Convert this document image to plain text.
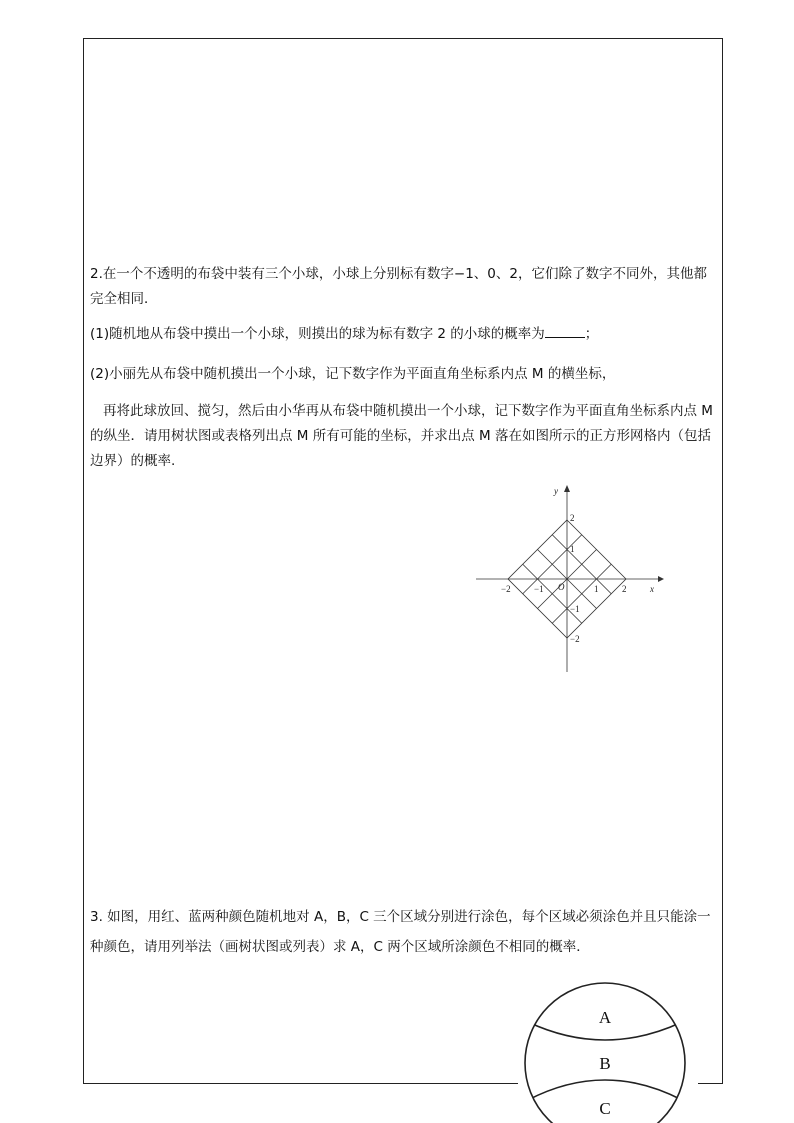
2.在一个不透明的布袋中装有三个小球，小球上分别标有数字−1、0、2，它们除了数字不同外，其他都完全相同．

(1)随机地从布袋中摸出一个小球，则摸出的球为标有数字 2 的小球的概率为	；

(2)小丽先从布袋中随机摸出一个小球，记下数字作为平面直角坐标系内点 M 的横坐标，

再将此球放回、搅匀，然后由小华再从布袋中随机摸出一个小球，记下数字作为平面直角坐标系内点 M 的纵坐．请用树状图或表格列出点 M 所有可能的坐标，并求出点 M 落在如图所示的正方形网格内（包括边界）的概率.

y
x
O
−2	−1	1	2
2
1
−1
−2

3. 如图，用红、蓝两种颜色随机地对 A，B，C 三个区域分别进行涂色，每个区域必须涂色并且只能涂一种颜色，请用列举法（画树状图或列表）求 A，C 两个区域所涂颜色不相同的概率．

A
B
C
